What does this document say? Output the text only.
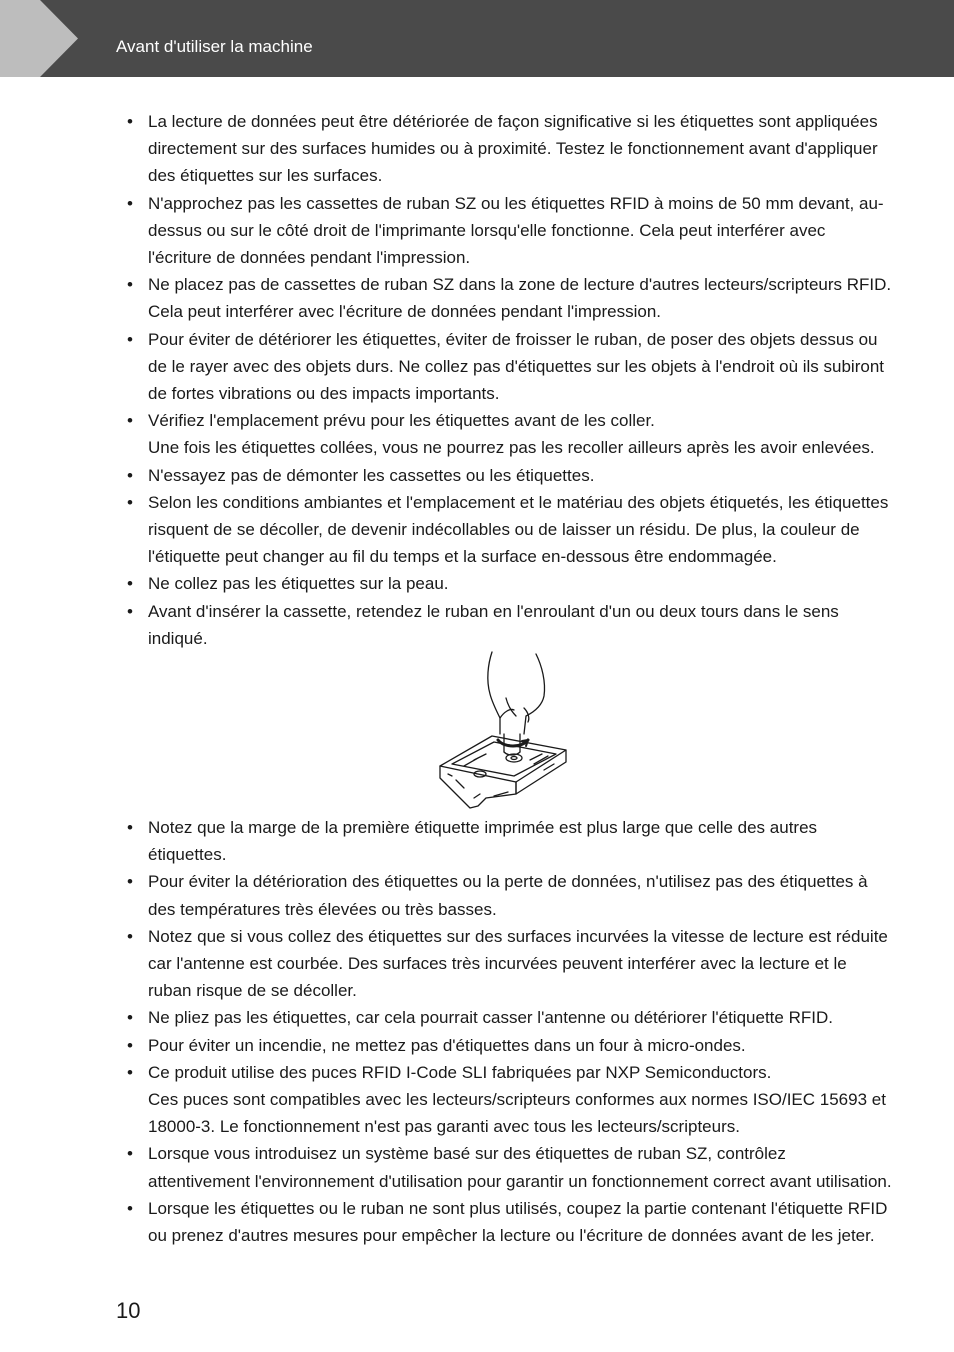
Avant d'utiliser la machine
• La lecture de données peut être détériorée de façon significative si les étiquettes sont appliquées directement sur des surfaces humides ou à proximité. Testez le fonctionnement avant d'appliquer des étiquettes sur les surfaces.
• N'approchez pas les cassettes de ruban SZ ou les étiquettes RFID à moins de 50 mm devant, au-dessus ou sur le côté droit de l'imprimante lorsqu'elle fonctionne. Cela peut interférer avec l'écriture de données pendant l'impression.
• Ne placez pas de cassettes de ruban SZ dans la zone de lecture d'autres lecteurs/scripteurs RFID. Cela peut interférer avec l'écriture de données pendant l'impression.
• Pour éviter de détériorer les étiquettes, éviter de froisser le ruban, de poser des objets dessus ou de le rayer avec des objets durs. Ne collez pas d'étiquettes sur les objets à l'endroit où ils subiront de fortes vibrations ou des impacts importants.
• Vérifiez l'emplacement prévu pour les étiquettes avant de les coller.
Une fois les étiquettes collées, vous ne pourrez pas les recoller ailleurs après les avoir enlevées.
• N'essayez pas de démonter les cassettes ou les étiquettes.
• Selon les conditions ambiantes et l'emplacement et le matériau des objets étiquetés, les étiquettes risquent de se décoller, de devenir indécollables ou de laisser un résidu. De plus, la couleur de l'étiquette peut changer au fil du temps et la surface en-dessous être endommagée.
• Ne collez pas les étiquettes sur la peau.
• Avant d'insérer la cassette, retendez le ruban en l'enroulant d'un ou deux tours dans le sens indiqué.
• Notez que la marge de la première étiquette imprimée est plus large que celle des autres étiquettes.
• Pour éviter la détérioration des étiquettes ou la perte de données, n'utilisez pas des étiquettes à des températures très élevées ou très basses.
• Notez que si vous collez des étiquettes sur des surfaces incurvées la vitesse de lecture est réduite car l'antenne est courbée. Des surfaces très incurvées peuvent interférer avec la lecture et le ruban risque de se décoller.
• Ne pliez pas les étiquettes, car cela pourrait casser l'antenne ou détériorer l'étiquette RFID.
• Pour éviter un incendie, ne mettez pas d'étiquettes dans un four à micro-ondes.
• Ce produit utilise des puces RFID I-Code SLI fabriquées par NXP Semiconductors.
Ces puces sont compatibles avec les lecteurs/scripteurs conformes aux normes ISO/IEC 15693 et 18000-3. Le fonctionnement n'est pas garanti avec tous les lecteurs/scripteurs.
• Lorsque vous introduisez un système basé sur des étiquettes de ruban SZ, contrôlez attentivement l'environnement d'utilisation pour garantir un fonctionnement correct avant utilisation.
• Lorsque les étiquettes ou le ruban ne sont plus utilisés, coupez la partie contenant l'étiquette RFID ou prenez d'autres mesures pour empêcher la lecture ou l'écriture de données avant de les jeter.
10
